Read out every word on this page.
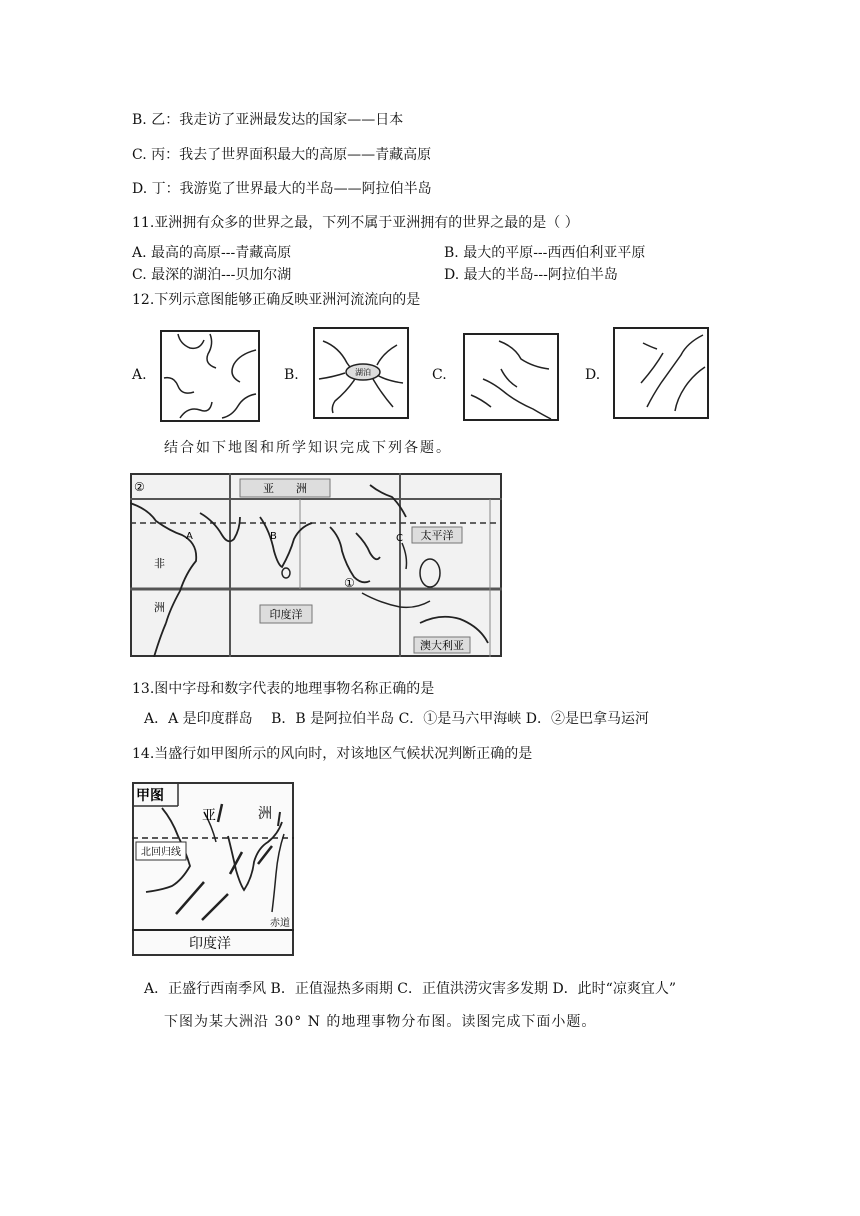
B. 乙：我走访了亚洲最发达的国家——日本
C. 丙：我去了世界面积最大的高原——青藏高原
D. 丁：我游览了世界最大的半岛——阿拉伯半岛
11.亚洲拥有众多的世界之最，下列不属于亚洲拥有的世界之最的是（ ）
A. 最高的高原---青藏高原	B. 最大的平原---西西伯利亚平原
C. 最深的湖泊---贝加尔湖	D. 最大的半岛---阿拉伯半岛
12.下列示意图能够正确反映亚洲河流流向的是
A.	B.	湖泊	C.	D.
结合如下地图和所学知识完成下列各题。
亚　　洲
非
洲
印度洋
太平洋
澳大利亚
A	B	C
①
②
13.图中字母和数字代表的地理事物名称正确的是
A．A 是印度群岛　 B．B 是阿拉伯半岛 C．①是马六甲海峡 D．②是巴拿马运河
14.当盛行如甲图所示的风向时，对该地区气候状况判断正确的是
甲图
亚	洲
北回归线
赤道
印度洋
A．正盛行西南季风 B．正值湿热多雨期 C．正值洪涝灾害多发期 D．此时“凉爽宜人”
下图为某大洲沿 30° N 的地理事物分布图。读图完成下面小题。
